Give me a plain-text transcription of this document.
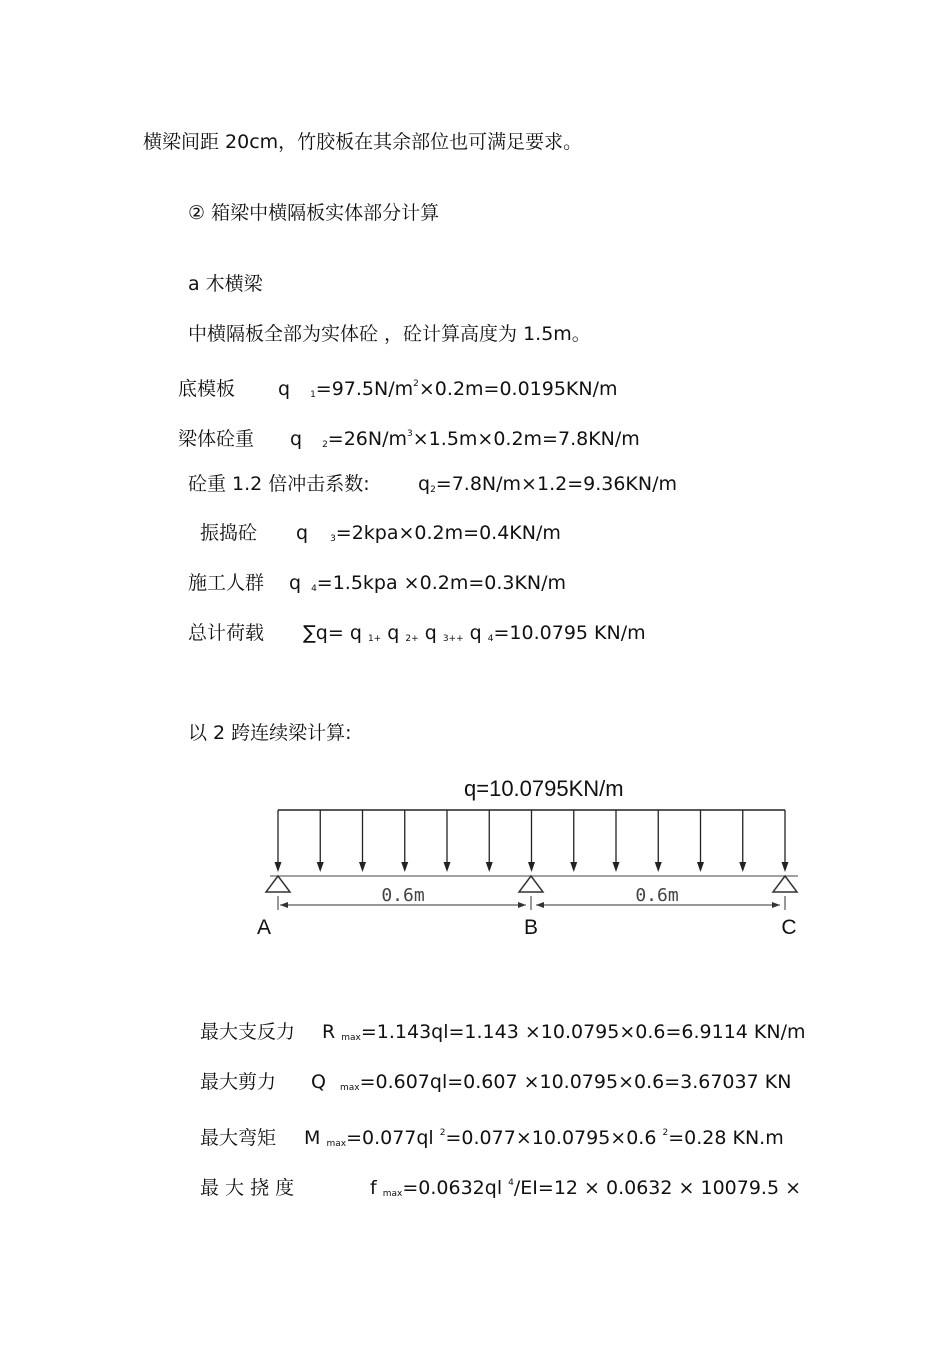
横梁间距 20cm，竹胶板在其余部位也可满足要求。
② 箱梁中横隔板实体部分计算
a 木横梁
中横隔板全部为实体砼 ，砼计算高度为 1.5m。
底模板 q $_1=97.5N/m^2\times 0.2m=0.0195KN/m$
梁体砼重 q $_2=26N/m^3\times 1.5m\times 0.2m=7.8KN/m$
砼重 1.2 倍冲击系数:	$q_2=7.8N/m\times 1.2=9.36KN/m$
振捣砼 q $_3$=2kpa×0.2m=0.4KN/m
施工人群 q $_4$=1.5kpa ×0.2m=0.3KN/m
总计荷载 ∑q= q $_{1+}$ q $_{2+}$ q $_{3++}$ q $_4$=10.0795 KN/m
以 2 跨连续梁计算:
q=10.0795KN/m
0.6m	0.6m
A	B	C
最大支反力 R $_{max}$=1.143ql=1.143 ×10.0795×0.6=6.9114 KN/m
最大剪力 Q $_{max}$=0.607ql=0.607 ×10.0795×0.6=3.67037 KN
最大弯矩 M $_{max}$=0.077ql $^2$=0.077×10.0795×0.6 $^2$=0.28 KN.m
最 大 挠 度	f $_{max}$=0.0632ql $^4$/EI=12 × 0.0632 × 10079.5 ×
